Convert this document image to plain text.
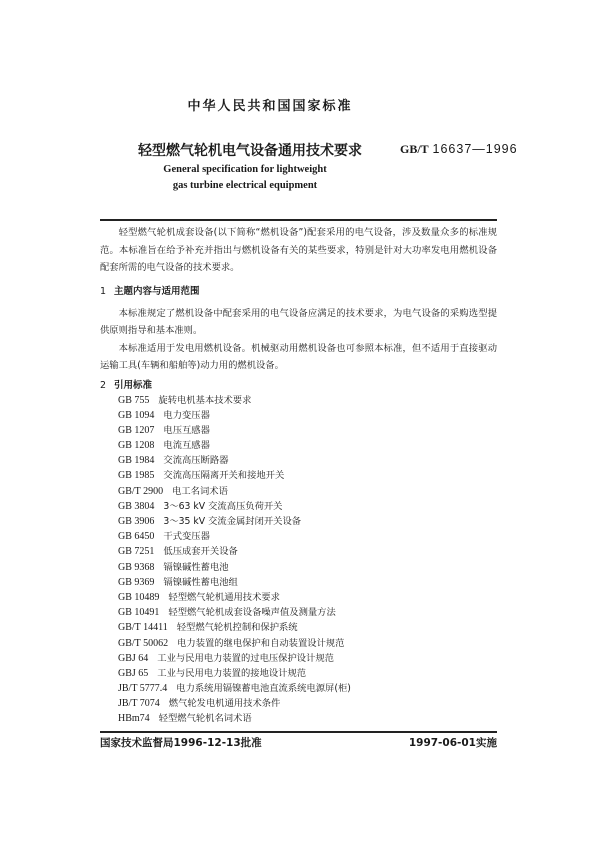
中华人民共和国国家标准
轻型燃气轮机电气设备通用技术要求	GB/T 16637—1996
General specification for lightweight
gas turbine electrical equipment
轻型燃气轮机成套设备(以下简称“燃机设备”)配套采用的电气设备，涉及数量众多的标准规范。本标准旨在给予补充并指出与燃机设备有关的某些要求，特别是针对大功率发电用燃机设备配套所需的电气设备的技术要求。
1 主题内容与适用范围
本标准规定了燃机设备中配套采用的电气设备应满足的技术要求，为电气设备的采购选型提供原则指导和基本准则。
本标准适用于发电用燃机设备。机械驱动用燃机设备也可参照本标准，但不适用于直接驱动运输工具(车辆和船舶等)动力用的燃机设备。
2 引用标准
GB 755 旋转电机基本技术要求
GB 1094 电力变压器
GB 1207 电压互感器
GB 1208 电流互感器
GB 1984 交流高压断路器
GB 1985 交流高压隔离开关和接地开关
GB/T 2900 电工名词术语
GB 3804 3～63 kV 交流高压负荷开关
GB 3906 3～35 kV 交流金属封闭开关设备
GB 6450 干式变压器
GB 7251 低压成套开关设备
GB 9368 镉镍碱性蓄电池
GB 9369 镉镍碱性蓄电池组
GB 10489 轻型燃气轮机通用技术要求
GB 10491 轻型燃气轮机成套设备噪声值及测量方法
GB/T 14411 轻型燃气轮机控制和保护系统
GB/T 50062 电力装置的继电保护和自动装置设计规范
GBJ 64 工业与民用电力装置的过电压保护设计规范
GBJ 65 工业与民用电力装置的接地设计规范
JB/T 5777.4 电力系统用镉镍蓄电池直流系统电源屏(柜)
JB/T 7074 燃气轮发电机通用技术条件
HBm74 轻型燃气轮机名词术语
国家技术监督局1996-12-13批准	1997-06-01实施
